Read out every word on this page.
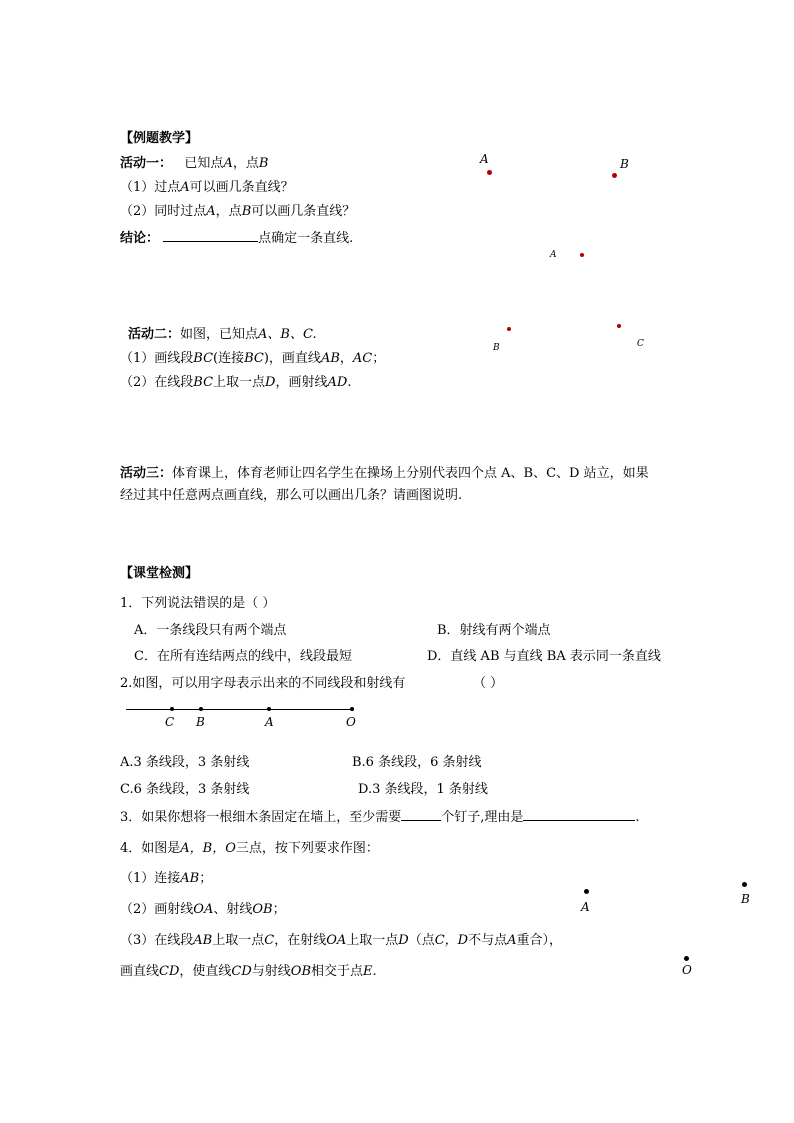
【例题教学】
活动一： 已知点A，点B
（1）过点A可以画几条直线？
（2）同时过点A，点B可以画几条直线？
结论：	点确定一条直线.
A	B
活动二：如图，已知点A、B、C.
（1）画线段BC(连接BC)，画直线AB，AC；
（2）在线段BC上取一点D，画射线AD.
A
B	C
活动三：体育课上，体育老师让四名学生在操场上分别代表四个点 A、B、C、D 站立，如果
经过其中任意两点画直线，那么可以画出几条？请画图说明.
【课堂检测】
1．下列说法错误的是（ ）
A．一条线段只有两个端点	B．射线有两个端点
C．在所有连结两点的线中，线段最短	D．直线 AB 与直线 BA 表示同一条直线
2.如图，可以用字母表示出来的不同线段和射线有	（ ）
C B	A	O
A.3 条线段，3 条射线	B.6 条线段，6 条射线
C.6 条线段，3 条射线	D.3 条线段，1 条射线
3．如果你想将一根细木条固定在墙上，至少需要	个钉子,理由是	.
4．如图是A，B，O三点，按下列要求作图：
（1）连接AB；
（2）画射线OA、射线OB；
（3）在线段AB上取一点C，在射线OA上取一点D（点C，D不与点A重合），
画直线CD，使直线CD与射线OB相交于点E.
A
B
O
